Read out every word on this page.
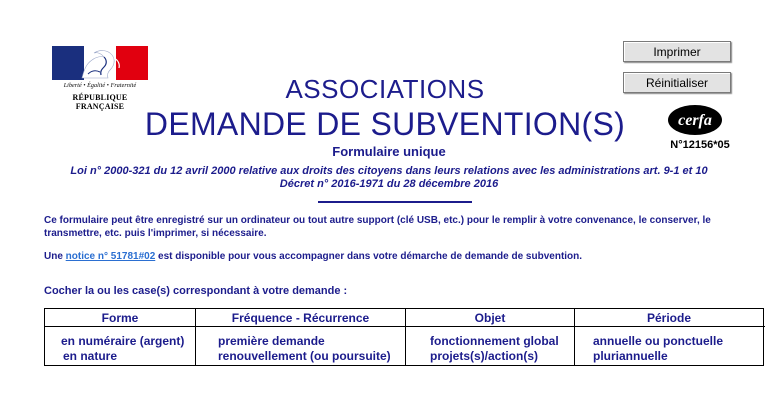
Liberté • Égalité • Fraternité
RÉPUBLIQUE FRANÇAISE
Imprimer
Réinitialiser
cerfa
N°12156*05
ASSOCIATIONS
DEMANDE DE SUBVENTION(S)
Formulaire unique
Loi n° 2000-321 du 12 avril 2000 relative aux droits des citoyens dans leurs relations avec les administrations art. 9-1 et 10
Décret n° 2016-1971 du 28 décembre 2016
Ce formulaire peut être enregistré sur un ordinateur ou tout autre support (clé USB, etc.) pour le remplir à votre convenance, le conserver, le transmettre, etc. puis l'imprimer, si nécessaire.
Une notice n° 51781#02 est disponible pour vous accompagner dans votre démarche de demande de subvention.
Cocher la ou les case(s) correspondant à votre demande :
Forme
en numéraire (argent)
en nature
Fréquence - Récurrence
première demande
renouvellement (ou poursuite)
Objet
fonctionnement global
projets(s)/action(s)
Période
annuelle ou ponctuelle
pluriannuelle
